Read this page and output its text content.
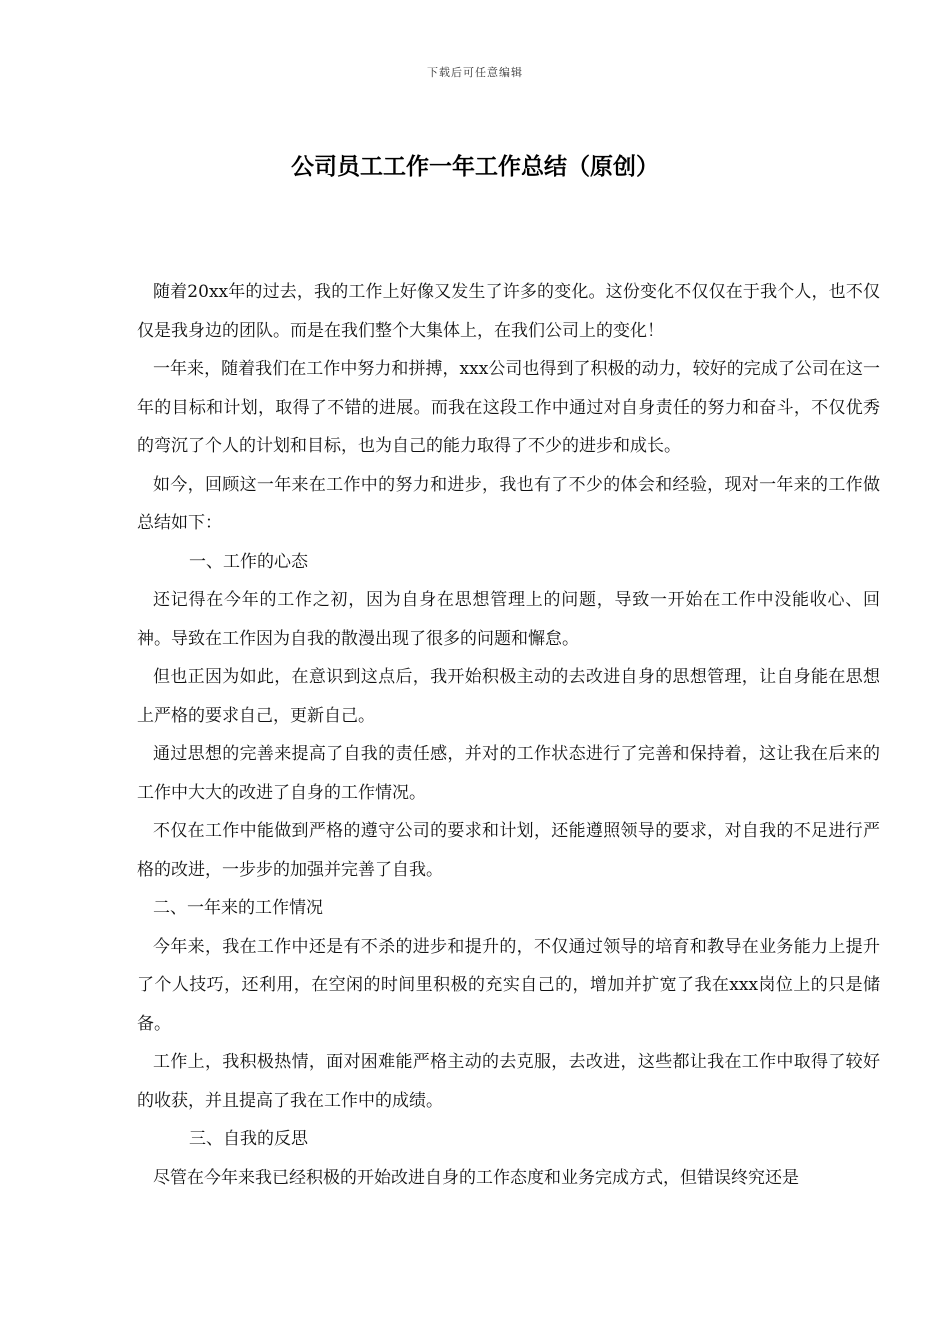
下载后可任意编辑
公司员工工作一年工作总结（原创）

随着20xx年的过去，我的工作上好像又发生了许多的变化。这份变化不仅仅在于我个人，也不仅仅是我身边的团队。而是在我们整个大集体上，在我们公司上的变化！

一年来，随着我们在工作中努力和拼搏，xxx公司也得到了积极的动力，较好的完成了公司在这一年的目标和计划，取得了不错的进展。而我在这段工作中通过对自身责任的努力和奋斗，不仅优秀的弯沉了个人的计划和目标，也为自己的能力取得了不少的进步和成长。

如今，回顾这一年来在工作中的努力和进步，我也有了不少的体会和经验，现对一年来的工作做总结如下：

一、工作的心态

还记得在今年的工作之初，因为自身在思想管理上的问题，导致一开始在工作中没能收心、回神。导致在工作因为自我的散漫出现了很多的问题和懈怠。

但也正因为如此，在意识到这点后，我开始积极主动的去改进自身的思想管理，让自身能在思想上严格的要求自己，更新自己。

通过思想的完善来提高了自我的责任感，并对的工作状态进行了完善和保持着，这让我在后来的工作中大大的改进了自身的工作情况。

不仅在工作中能做到严格的遵守公司的要求和计划，还能遵照领导的要求，对自我的不足进行严格的改进，一步步的加强并完善了自我。

二、一年来的工作情况

今年来，我在工作中还是有不杀的进步和提升的，不仅通过领导的培育和教导在业务能力上提升了个人技巧，还利用，在空闲的时间里积极的充实自己的，增加并扩宽了我在xxx岗位上的只是储备。

工作上，我积极热情，面对困难能严格主动的去克服，去改进，这些都让我在工作中取得了较好的收获，并且提高了我在工作中的成绩。

三、自我的反思

尽管在今年来我已经积极的开始改进自身的工作态度和业务完成方式，但错误终究还是
